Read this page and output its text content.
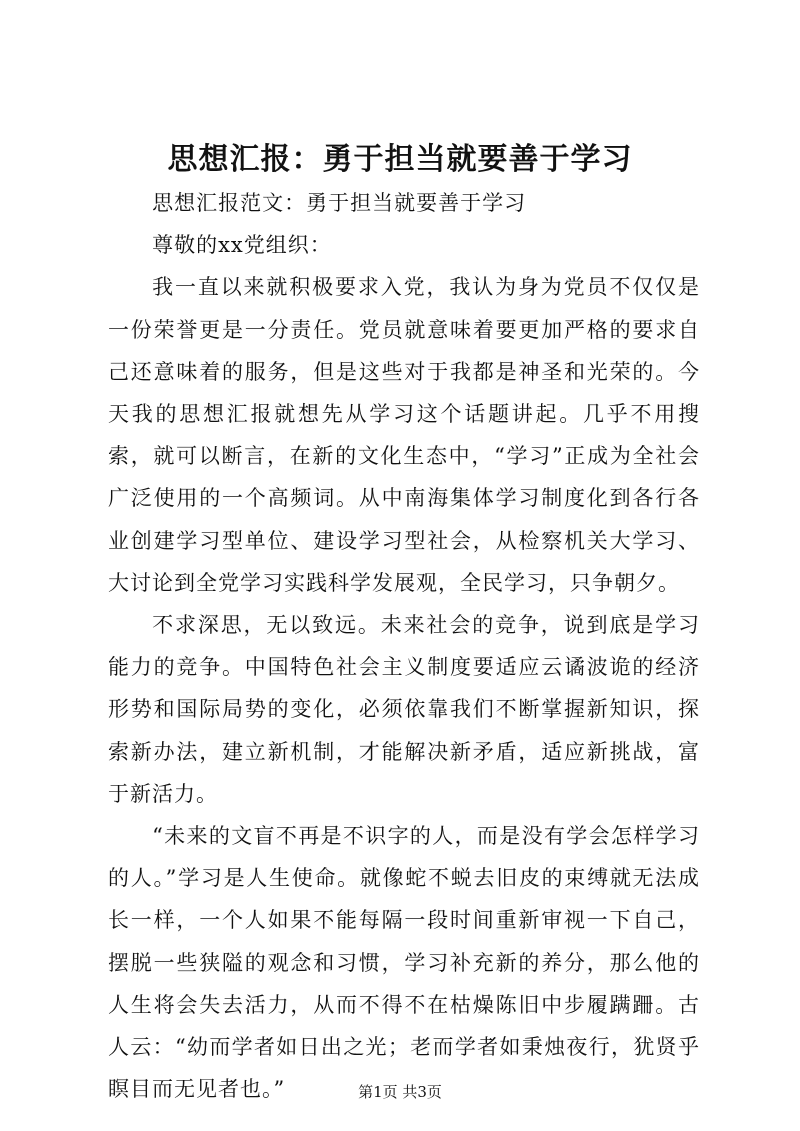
思想汇报：勇于担当就要善于学习

思想汇报范文：勇于担当就要善于学习

尊敬的xx党组织：

我一直以来就积极要求入党，我认为身为党员不仅仅是一份荣誉更是一分责任。党员就意味着要更加严格的要求自己还意味着的服务，但是这些对于我都是神圣和光荣的。今天我的思想汇报就想先从学习这个话题讲起。几乎不用搜索，就可以断言，在新的文化生态中，“学习”正成为全社会广泛使用的一个高频词。从中南海集体学习制度化到各行各业创建学习型单位、建设学习型社会，从检察机关大学习、大讨论到全党学习实践科学发展观，全民学习，只争朝夕。

不求深思，无以致远。未来社会的竞争，说到底是学习能力的竞争。中国特色社会主义制度要适应云谲波诡的经济形势和国际局势的变化，必须依靠我们不断掌握新知识，探索新办法，建立新机制，才能解决新矛盾，适应新挑战，富于新活力。

“未来的文盲不再是不识字的人，而是没有学会怎样学习的人。”学习是人生使命。就像蛇不蜕去旧皮的束缚就无法成长一样，一个人如果不能每隔一段时间重新审视一下自己，摆脱一些狭隘的观念和习惯，学习补充新的养分，那么他的人生将会失去活力，从而不得不在枯燥陈旧中步履蹒跚。古人云：“幼而学者如日出之光；老而学者如秉烛夜行，犹贤乎瞑目而无见者也。”	第1页 共3页
